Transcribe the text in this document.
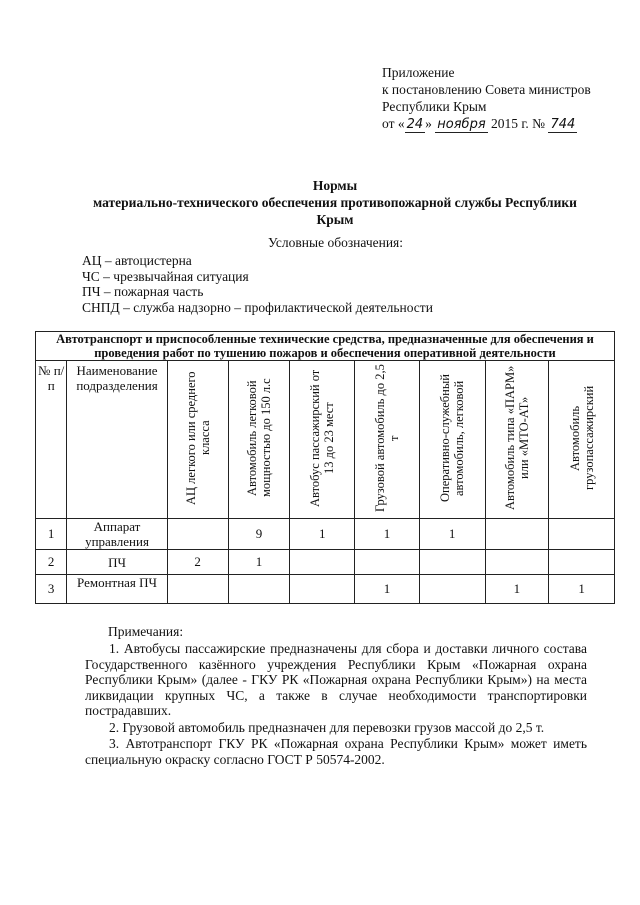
Приложение
к постановлению Совета министров
Республики Крым
от « 24 » ноября 2015 г. № 744
Нормы
материально-технического обеспечения противопожарной службы Республики
Крым
Условные обозначения:
АЦ – автоцистерна
ЧС – чрезвычайная ситуация
ПЧ – пожарная часть
СНПД – служба надзорно – профилактической деятельности
Автотранспорт и приспособленные технические средства, предназначенные для обеспечения и проведения работ по тушению пожаров и обеспечения оперативной деятельности								
№ п/п	Наименование подразделения	АЦ легкого или среднего класса	Автомобиль легковой мощностью до 150 л.с	Автобус пассажирский от 13 до 23 мест	Грузовой автомобиль до 2,5 т	Оперативно-служебный автомобиль, легковой	Автомобиль типа «ПАРМ» или «МТО-АТ»	Автомобиль грузопассажирский
1	Аппарат управления		9	1	1	1		
2	ПЧ	2	1					
3	Ремонтная ПЧ				1		1	1
Примечания:

1. Автобусы пассажирские предназначены для сбора и доставки личного состава Государственного казённого учреждения Республики Крым «Пожарная охрана Республики Крым» (далее - ГКУ РК «Пожарная охрана Республики Крым») на места ликвидации крупных ЧС, а также в случае необходимости транспортировки пострадавших.

2. Грузовой автомобиль предназначен для перевозки грузов массой до 2,5 т.

3. Автотранспорт ГКУ РК «Пожарная охрана Республики Крым» может иметь специальную окраску согласно ГОСТ Р 50574-2002.
